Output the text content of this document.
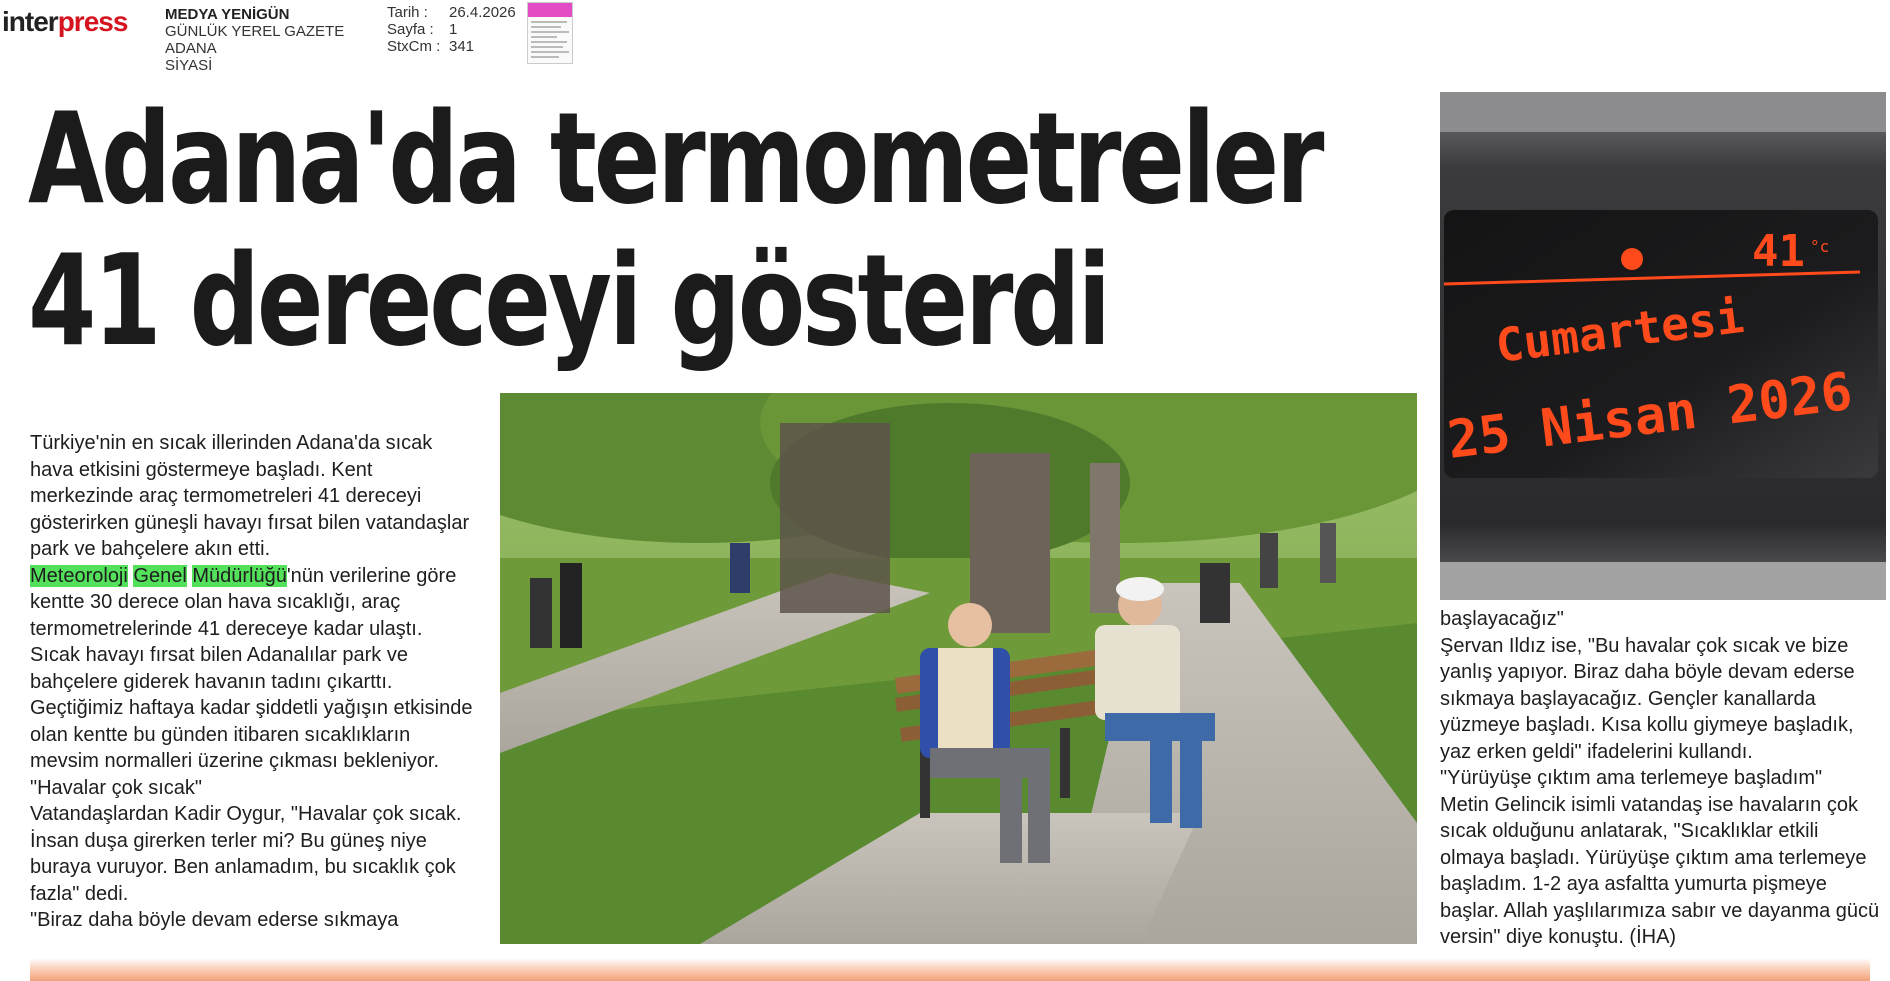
interpress	MEDYA YENİGÜN
GÜNLÜK YEREL GAZETE
ADANA
SİYASİ
Tarih :
Sayfa :
StxCm :
26.4.2026
1
341
Adana'da termometreler
41 dereceyi gösterdi	41 °c
Cumartesi
25 Nisan 2026

Türkiye'nin en sıcak illerinden Adana'da sıcak hava etkisini göstermeye başladı. Kent merkezinde araç termometreleri 41 dereceyi gösterirken güneşli havayı fırsat bilen vatandaşlar park ve bahçelere akın etti.

Meteoroloji Genel Müdürlüğü'nün verilerine göre kentte 30 derece olan hava sıcaklığı, araç termometrelerinde 41 dereceye kadar ulaştı. Sıcak havayı fırsat bilen Adanalılar park ve bahçelere giderek havanın tadını çıkarttı. Geçtiğimiz haftaya kadar şiddetli yağışın etkisinde olan kentte bu günden itibaren sıcaklıkların mevsim normalleri üzerine çıkması bekleniyor.

"Havalar çok sıcak"

Vatandaşlardan Kadir Oygur, "Havalar çok sıcak. İnsan duşa girerken terler mi? Bu güneş niye buraya vuruyor. Ben anlamadım, bu sıcaklık çok fazla" dedi.

"Biraz daha böyle devam ederse sıkmaya

başlayacağız"

Şervan Ildız ise, "Bu havalar çok sıcak ve bize yanlış yapıyor. Biraz daha böyle devam ederse sıkmaya başlayacağız. Gençler kanallarda yüzmeye başladı. Kısa kollu giymeye başladık, yaz erken geldi" ifadelerini kullandı.

"Yürüyüşe çıktım ama terlemeye başladım"

Metin Gelincik isimli vatandaş ise havaların çok sıcak olduğunu anlatarak, "Sıcaklıklar etkili olmaya başladı. Yürüyüşe çıktım ama terlemeye başladım. 1-2 aya asfaltta yumurta pişmeye başlar. Allah yaşlılarımıza sabır ve dayanma gücü versin" diye konuştu. (İHA)
